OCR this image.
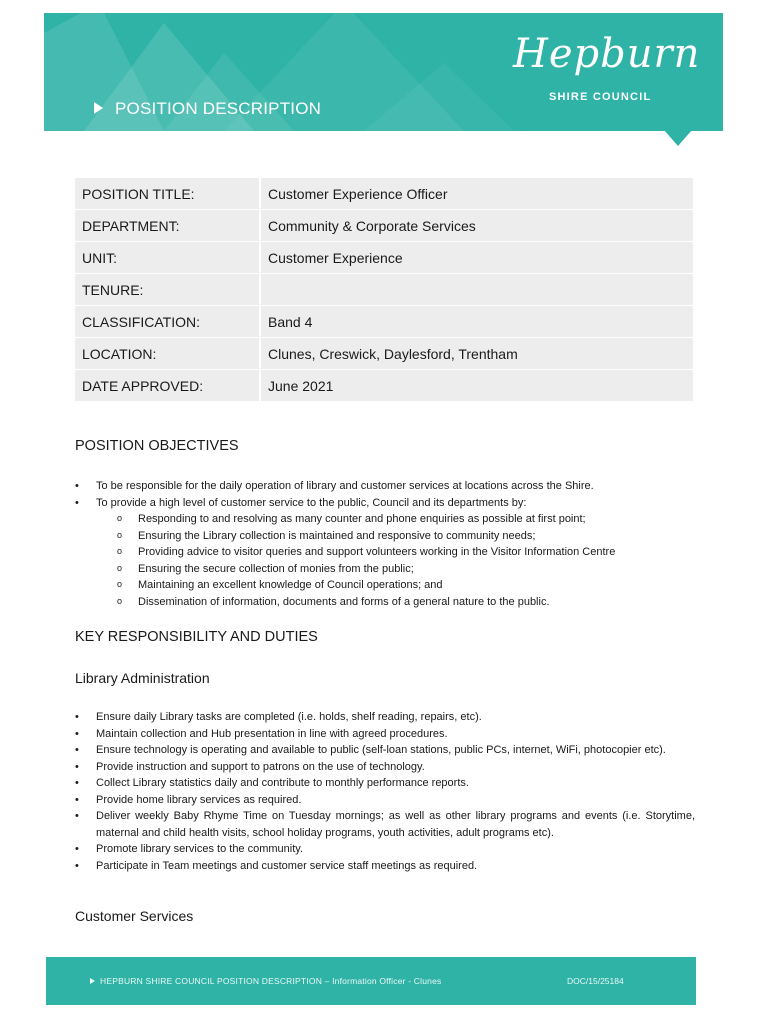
POSITION DESCRIPTION
Hepburn
SHIRE COUNCIL
POSITION TITLE:	Customer Experience Officer
DEPARTMENT:	Community & Corporate Services
UNIT:	Customer Experience
TENURE:
CLASSIFICATION:	Band 4
LOCATION:	Clunes, Creswick, Daylesford, Trentham
DATE APPROVED:	June 2021
POSITION OBJECTIVES
• To be responsible for the daily operation of library and customer services at locations across the Shire.
• To provide a high level of customer service to the public, Council and its departments by:
o Responding to and resolving as many counter and phone enquiries as possible at first point;
o Ensuring the Library collection is maintained and responsive to community needs;
o Providing advice to visitor queries and support volunteers working in the Visitor Information Centre
o Ensuring the secure collection of monies from the public;
o Maintaining an excellent knowledge of Council operations; and
o Dissemination of information, documents and forms of a general nature to the public.
KEY RESPONSIBILITY AND DUTIES
Library Administration
• Ensure daily Library tasks are completed (i.e. holds, shelf reading, repairs, etc).
• Maintain collection and Hub presentation in line with agreed procedures.
• Ensure technology is operating and available to public (self-loan stations, public PCs, internet, WiFi, photocopier etc).
• Provide instruction and support to patrons on the use of technology.
• Collect Library statistics daily and contribute to monthly performance reports.
• Provide home library services as required.
• Deliver weekly Baby Rhyme Time on Tuesday mornings; as well as other library programs and events (i.e. Storytime, maternal and child health visits, school holiday programs, youth activities, adult programs etc).
• Promote library services to the community.
• Participate in Team meetings and customer service staff meetings as required.
Customer Services
HEPBURN SHIRE COUNCIL POSITION DESCRIPTION – Information Officer - Clunes	DOC/15/25184
